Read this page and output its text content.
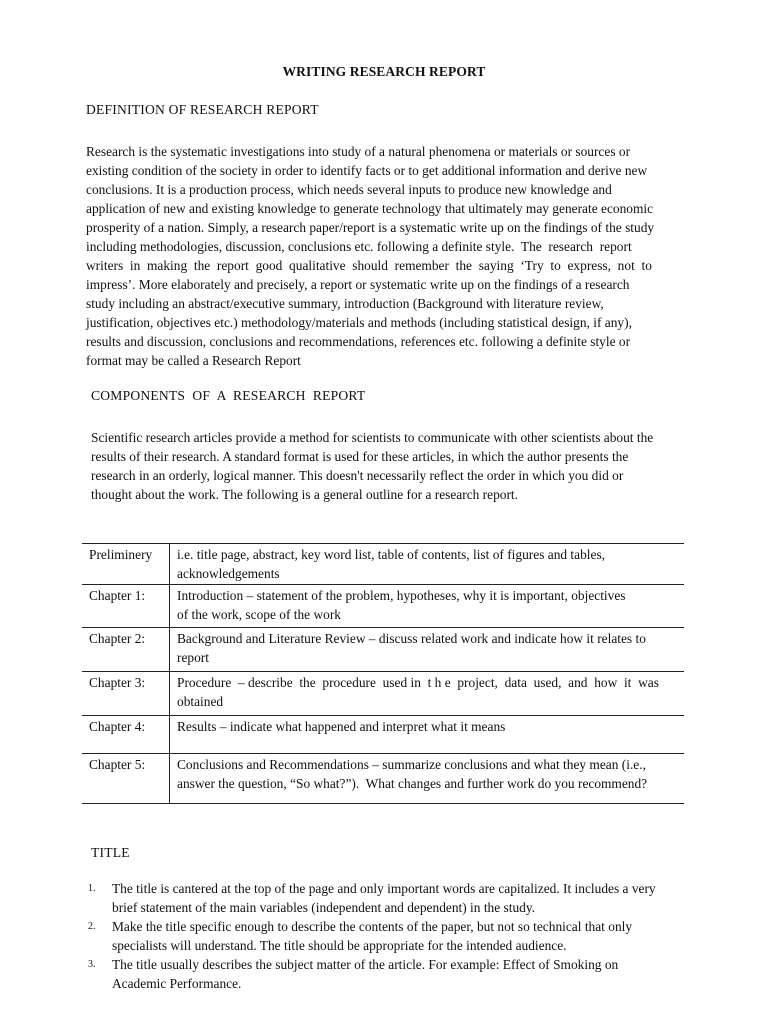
WRITING RESEARCH REPORT
DEFINITION OF RESEARCH REPORT
Research is the systematic investigations into study of a natural phenomena or materials or sources or
existing condition of the society in order to identify facts or to get additional information and derive new
conclusions. It is a production process, which needs several inputs to produce new knowledge and
application of new and existing knowledge to generate technology that ultimately may generate economic
prosperity of a nation. Simply, a research paper/report is a systematic write up on the findings of the study
including methodologies, discussion, conclusions etc. following a definite style.  The  research  report
writers  in  making  the  report  good  qualitative  should  remember  the  saying  ‘Try  to  express,  not  to
impress’. More elaborately and precisely, a report or systematic write up on the findings of a research
study including an abstract/executive summary, introduction (Background with literature review,
justification, objectives etc.) methodology/materials and methods (including statistical design, if any),
results and discussion, conclusions and recommendations, references etc. following a definite style or
format may be called a Research Report
COMPONENTS  OF  A  RESEARCH  REPORT
Scientific research articles provide a method for scientists to communicate with other scientists about the
results of their research. A standard format is used for these articles, in which the author presents the
research in an orderly, logical manner. This doesn't necessarily reflect the order in which you did or
thought about the work. The following is a general outline for a research report.
Preliminery	i.e. title page, abstract, key word list, table of contents, list of figures and tables,
acknowledgements

Chapter 1:	Introduction – statement of the problem, hypotheses, why it is important, objectives
of the work, scope of the work

Chapter 2:	Background and Literature Review – discuss related work and indicate how it relates to
report

Chapter 3:	Procedure  – describe  the  procedure  used in  t h e  project,  data  used,  and  how  it  was
obtained

Chapter 4:	Results – indicate what happened and interpret what it means

Chapter 5:	Conclusions and Recommendations – summarize conclusions and what they mean (i.e.,
answer the question, “So what?”).  What changes and further work do you recommend?
TITLE
1. The title is cantered at the top of the page and only important words are capitalized. It includes a very
brief statement of the main variables (independent and dependent) in the study.
2. Make the title specific enough to describe the contents of the paper, but not so technical that only
specialists will understand. The title should be appropriate for the intended audience.
3. The title usually describes the subject matter of the article. For example: Effect of Smoking on
Academic Performance.
